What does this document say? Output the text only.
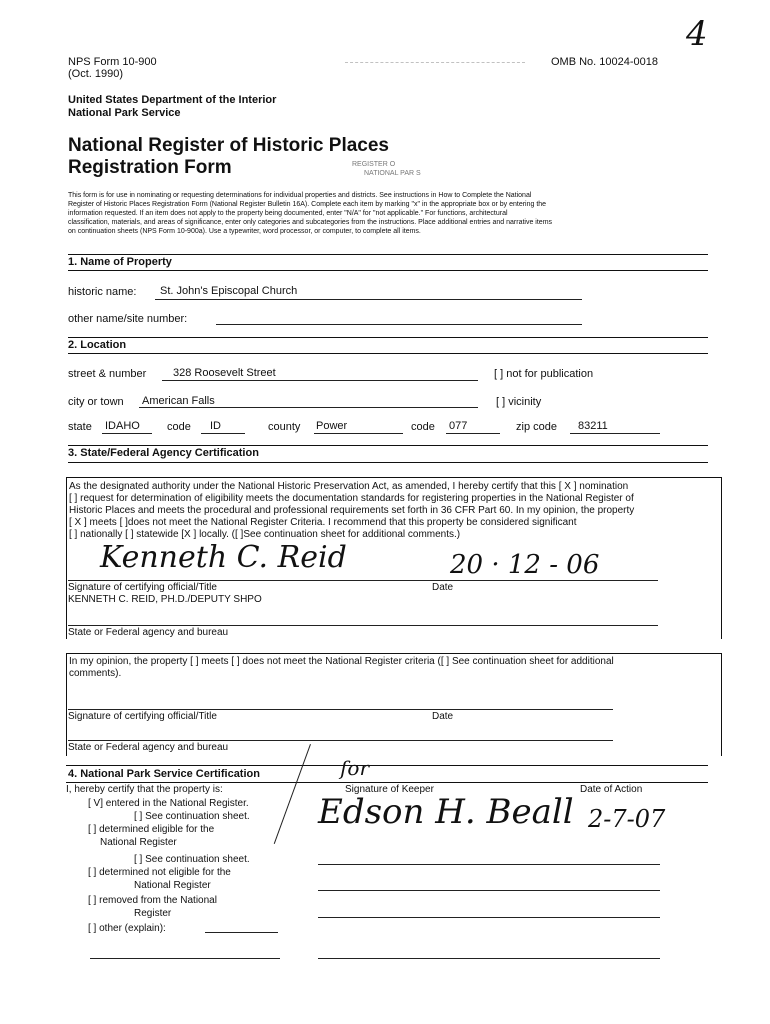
4
NPS Form 10-900
(Oct. 1990)
OMB No. 10024-0018
United States Department of the Interior
National Park Service
REGISTER O
NATIONAL PAR S
National Register of Historic Places
Registration Form
This form is for use in nominating or requesting determinations for individual properties and districts. See instructions in How to Complete the National
Register of Historic Places Registration Form (National Register Bulletin 16A). Complete each item by marking "x" in the appropriate box or by entering the
information requested. If an item does not apply to the property being documented, enter "N/A" for "not applicable." For functions, architectural
classification, materials, and areas of significance, enter only categories and subcategories from the instructions. Place additional entries and narrative items
on continuation sheets (NPS Form 10-900a). Use a typewriter, word processor, or computer, to complete all items.
1. Name of Property
historic name: St. John's Episcopal Church
other name/site number:
2. Location
street & number 328 Roosevelt Street	[ ] not for publication
city or town American Falls	[ ] vicinity
state IDAHO code ID	county Power	code 077	zip code 83211
3. State/Federal Agency Certification
As the designated authority under the National Historic Preservation Act, as amended, I hereby certify that this [ X ] nomination
[ ] request for determination of eligibility meets the documentation standards for registering properties in the National Register of
Historic Places and meets the procedural and professional requirements set forth in 36 CFR Part 60. In my opinion, the property
[ X ] meets [ ]does not meet the National Register Criteria. I recommend that this property be considered significant
[ ] nationally [ ] statewide [X ] locally. ([ ]See continuation sheet for additional comments.)
Kenneth C. Reid	20 · 12 - 06
Signature of certifying official/Title	Date
KENNETH C. REID, PH.D./DEPUTY SHPO
State or Federal agency and bureau
In my opinion, the property [ ] meets [ ] does not meet the National Register criteria ([ ] See continuation sheet for additional
comments).
Signature of certifying official/Title	Date
State or Federal agency and bureau
4. National Park Service Certification
I, hereby certify that the property is:
[ V] entered in the National Register.
[ ] See continuation sheet.
[ ] determined eligible for the
National Register
[ ] See continuation sheet.
[ ] determined not eligible for the
National Register
[ ] removed from the National
Register
[ ] other (explain):
Signature of Keeper	Date of Action
for
Edson H. Beall 2-7-07
